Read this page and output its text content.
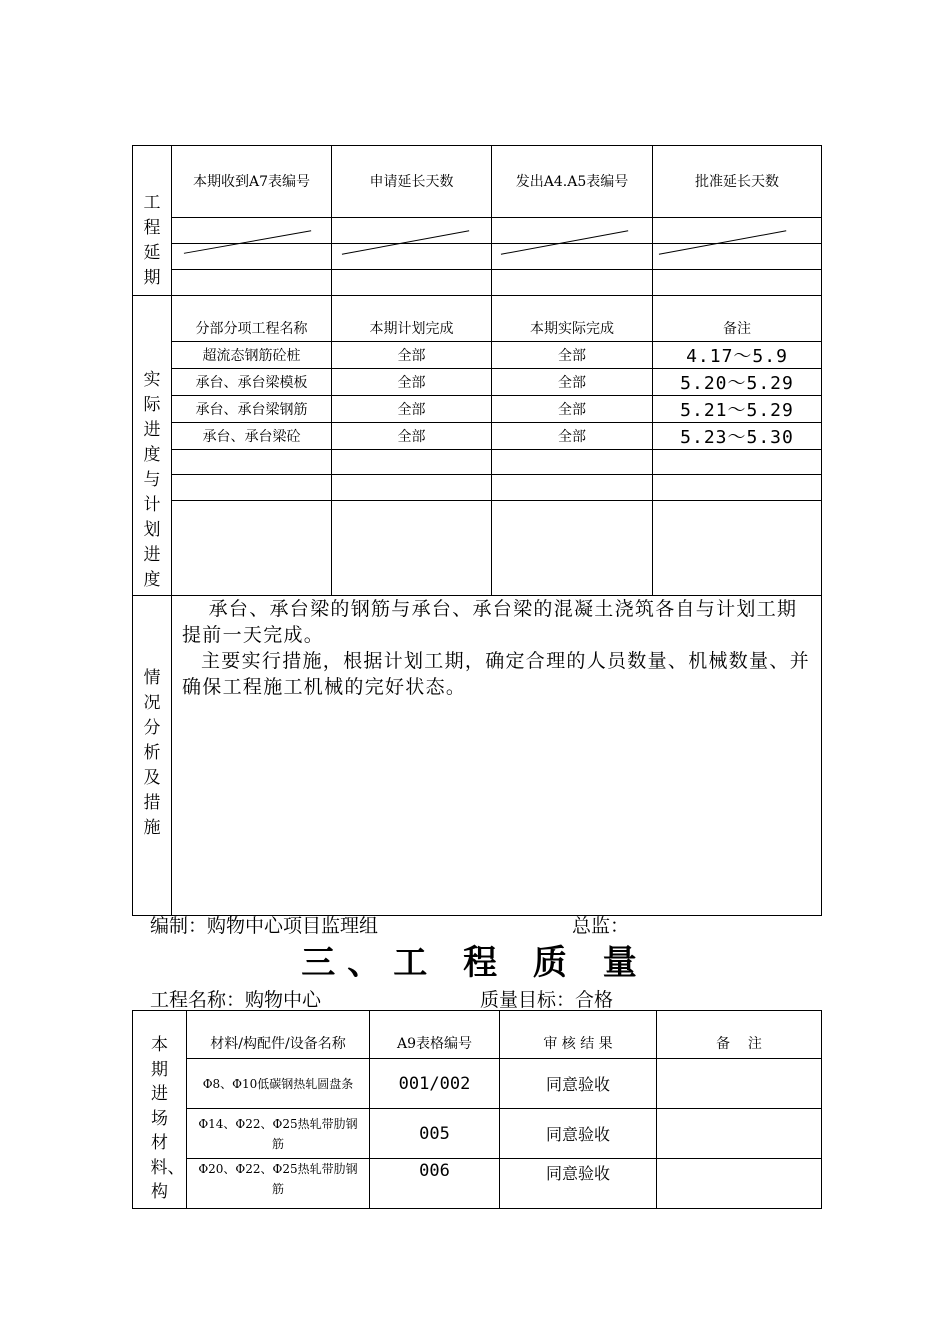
工程延期	本期收到A7表编号	申请延长天数	发出A4.A5表编号	批准延长天数

实际进度与计划进度	分部分项工程名称	本期计划完成	本期实际完成	备注
	超流态钢筋砼桩	全部	全部	4.17～5.9
	承台、承台梁模板	全部	全部	5.20～5.29
	承台、承台梁钢筋	全部	全部	5.21～5.29
	承台、承台梁砼	全部	全部	5.23～5.30

情况分析及措施	承台、承台梁的钢筋与承台、承台梁的混凝土浇筑各自与计划工期提前一天完成。

主要实行措施，根据计划工期，确定合理的人员数量、机械数量、并确保工程施工机械的完好状态。			

编制：购物中心项目监理组	总监：
三、工 程 质 量
工程名称：购物中心	质量目标：合格
本期进场材料、构	材料/构配件/设备名称	A9表格编号	审 核 结 果	备    注
	Φ8、Φ10低碳钢热轧圆盘条	001/002	同意验收	
	Φ14、Φ22、Φ25热轧带肋钢筋	005	同意验收	
	Φ20、Φ22、Φ25热轧带肋钢筋	006	同意验收	
